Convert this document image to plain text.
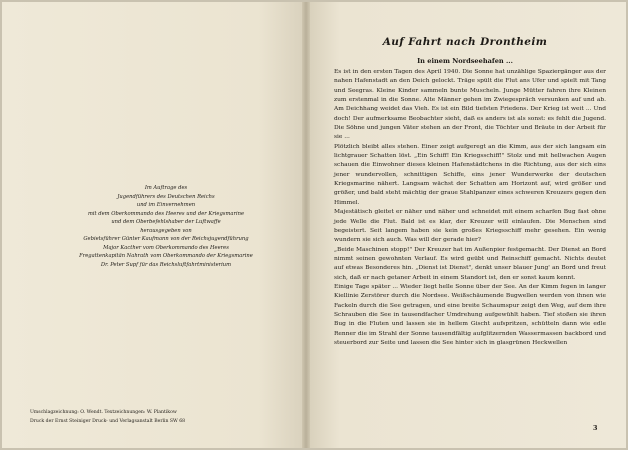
Im Auftrage des
Jugendführers des Deutschen Reichs
und im Einvernehmen
mit dem Oberkommando des Heeres und der Kriegsmarine
und dem Oberbefehlshaber der Luftwaffe
herausgegeben von
Gebietsführer Günter Kaufmann von der Reichsjugendführung
Major Kacther vom Oberkommando des Heeres
Fregattenkapitän Nahrath vom Oberkommando der Kriegsmarine
Dr. Peter Supf für das Reichsluftfahrtministerium
Umschlagzeichnung: O. Wendt. Textzeichnungen: W. Plantikow
Druck der Ernst Steiniger Druck- und Verlagsanstalt Berlin SW 68
Auf Fahrt nach Drontheim
In einem Nordseehafen ...

Es ist in den ersten Tagen des April 1940. Die Sonne hat unzählige Spaziergänger aus der nahen Hafenstadt an den Deich gelockt. Träge spült die Flut ans Ufer und spielt mit Tang und Seegras. Kleine Kinder sammeln bunte Muscheln. Junge Mütter fahren ihre Kleinen zum erstenmal in die Sonne. Alte Männer gehen im Zwiegespräch versunken auf und ab. Am Deichhang weidet das Vieh. Es ist ein Bild tiefsten Friedens. Der Krieg ist weit ... Und doch! Der aufmerksame Beobachter sieht, daß es anders ist als sonst: es fehlt die Jugend. Die Söhne und jungen Väter stehen an der Front, die Töchter und Bräute in der Arbeit für sie ...

Plötzlich bleibt alles stehen. Einer zeigt aufgeregt an die Kimm, aus der sich langsam ein lichtgrauer Schatten löst. „Ein Schiff! Ein Kriegsschiff!" Stolz und mit hellwachen Augen schauen die Einwohner dieses kleinen Hafenstädtchens in die Richtung, aus der sich eins jener wundervollen, schnittigen Schiffe, eins jener Wunderwerke der deutschen Kriegsmarine nähert. Langsam wächst der Schatten am Horizont auf, wird größer und größer, und bald steht mächtig der graue Stahlpanzer eines schweren Kreuzers gegen den Himmel.

Majestätisch gleitet er näher und näher und schneidet mit einem scharfen Bug fast ohne jede Welle die Flut. Bald ist es klar, der Kreuzer will einlaufen. Die Menschen sind begeistert. Seit langem haben sie kein großes Kriegsschiff mehr gesehen. Ein wenig wundern sie sich auch. Was will der gerade hier?

„Beide Maschinen stopp!" Der Kreuzer hat im Außenpier festgemacht. Der Dienst an Bord nimmt seinen gewohnten Verlauf. Es wird geübt und Reinschiff gemacht. Nichts deutet auf etwas Besonderes hin. „Dienst ist Dienst", denkt unser blauer Jung' an Bord und freut sich, daß er nach getaner Arbeit in einem Standort ist, den er sonst kaum kennt.

Einige Tage später ... Wieder liegt helle Sonne über der See. An der Kimm fegen in langer Kiellinie Zerstörer durch die Nordsee. Weißschäumende Bugwellen werden von ihnen wie Fackeln durch die See getragen, und eine breite Schaumspur zeigt den Weg, auf dem ihre Schrauben die See in tausendfacher Umdrehung aufgewühlt haben. Tief stoßen sie ihren Bug in die Fluten und lassen sie in hellem Gischt aufspritzen, schütteln dann wie edle Renner die im Strahl der Sonne tausendfältig aufglitzernden Wassermassen backbord und steuerbord zur Seite und lassen die See hinter sich in glasgrünen Heckwellen

3
